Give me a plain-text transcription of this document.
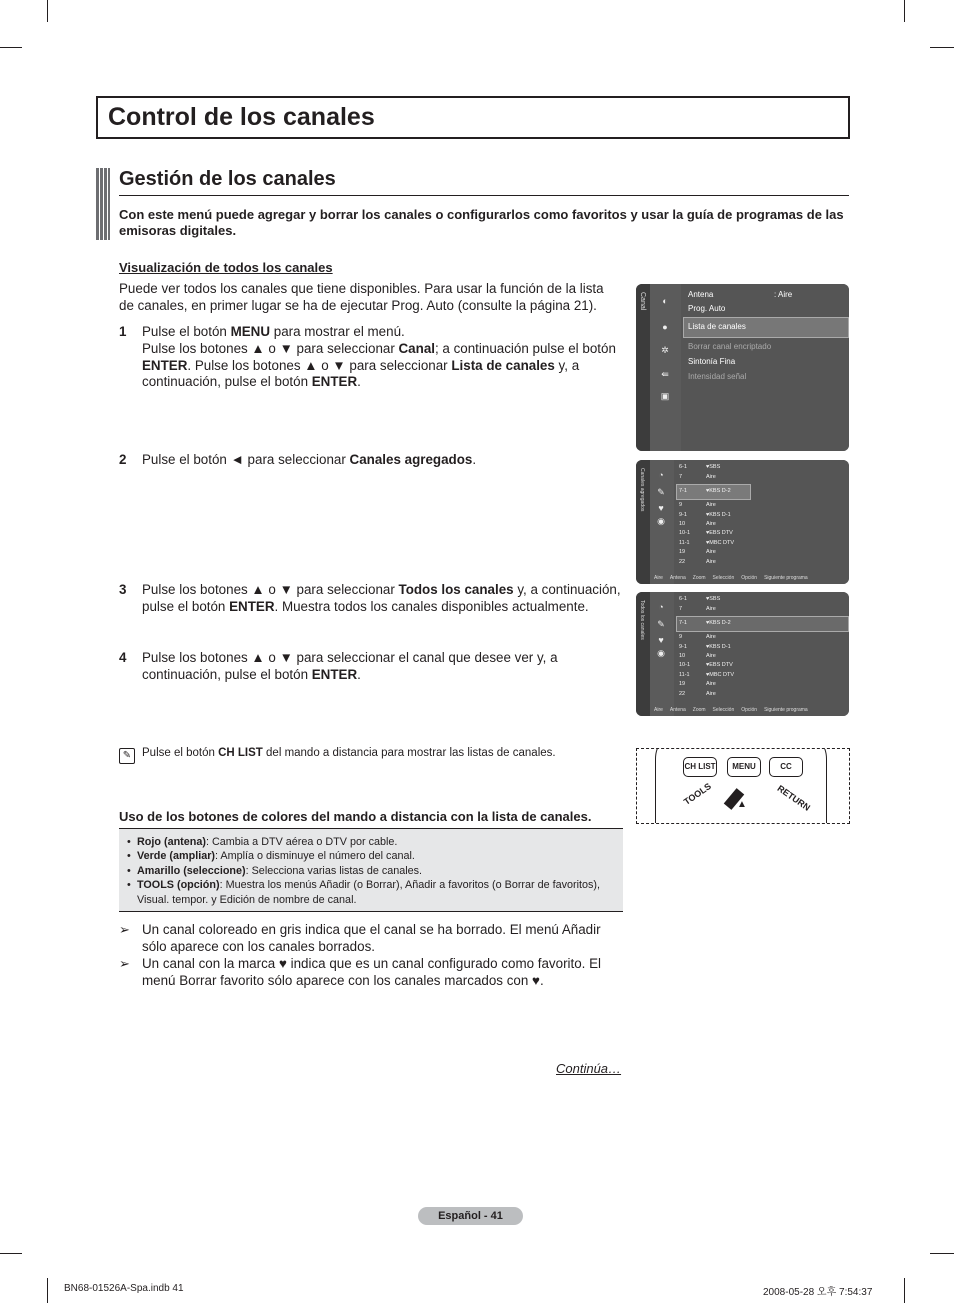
Control de los canales
Gestión de los canales
Con este menú puede agregar y borrar los canales o configurarlos como favoritos y usar la guía de programas de las emisoras digitales.
Visualización de todos los canales
Puede ver todos los canales que tiene disponibles. Para usar la función de la lista de canales, en primer lugar se ha de ejecutar Prog. Auto (consulte la página 21).
1 Pulse el botón MENU para mostrar el menú.
Pulse los botones ▲ o ▼ para seleccionar Canal; a continuación pulse el botón
ENTER. Pulse los botones ▲ o ▼ para seleccionar Lista de canales y, a
continuación, pulse el botón ENTER.
2 Pulse el botón ◄ para seleccionar Canales agregados.
3 Pulse los botones ▲ o ▼ para seleccionar Todos los canales y, a continuación,
pulse el botón ENTER. Muestra todos los canales disponibles actualmente.
4 Pulse los botones ▲ o ▼ para seleccionar el canal que desee ver y, a
continuación, pulse el botón ENTER.
Canal	◐
●
✲
⇚
▣
Antena	: Aire
Prog. Auto
Lista de canales
Borrar canal encriptado
Sintonía Fina
Intensidad señal
Canales agregados	◔
✎
♥
◉
Aire Antena Zoom Selección Opción Siguiente programa
6-1	♥SBS
7	Aire
7-1	♥KBS D-2
9	Aire
9-1	♥KBS D-1
10	Aire
10-1	♥EBS DTV
11-1	♥MBC DTV
19	Aire
22	Aire
Todos los canales	◔
✎
♥
◉
Aire Antena Zoom Selección Opción Siguiente programa
6-1	♥SBS
7	Aire
7-1	♥KBS D-2
9	Aire
9-1	♥KBS D-1
10	Aire
10-1	♥EBS DTV
11-1	♥MBC DTV
19	Aire
22	Aire
✎ Pulse el botón CH LIST del mando a distancia para mostrar las listas de canales.
CH LIST	MENU	CC
TOOLS	RETURN
▲
Uso de los botones de colores del mando a distancia con la lista de canales.
• Rojo (antena): Cambia a DTV aérea o DTV por cable.
• Verde (ampliar): Amplía o disminuye el número del canal.
• Amarillo (seleccione): Selecciona varias listas de canales.
• TOOLS (opción): Muestra los menús Añadir (o Borrar), Añadir a favoritos (o Borrar de favoritos), Visual. tempor. y Edición de nombre de canal.
➢ Un canal coloreado en gris indica que el canal se ha borrado. El menú Añadir sólo aparece con los canales borrados.
➢ Un canal con la marca ♥ indica que es un canal configurado como favorito. El menú Borrar favorito sólo aparece con los canales marcados con ♥.
Continúa…
Español - 41
BN68-01526A-Spa.indb 41	2008-05-28 오후 7:54:37
